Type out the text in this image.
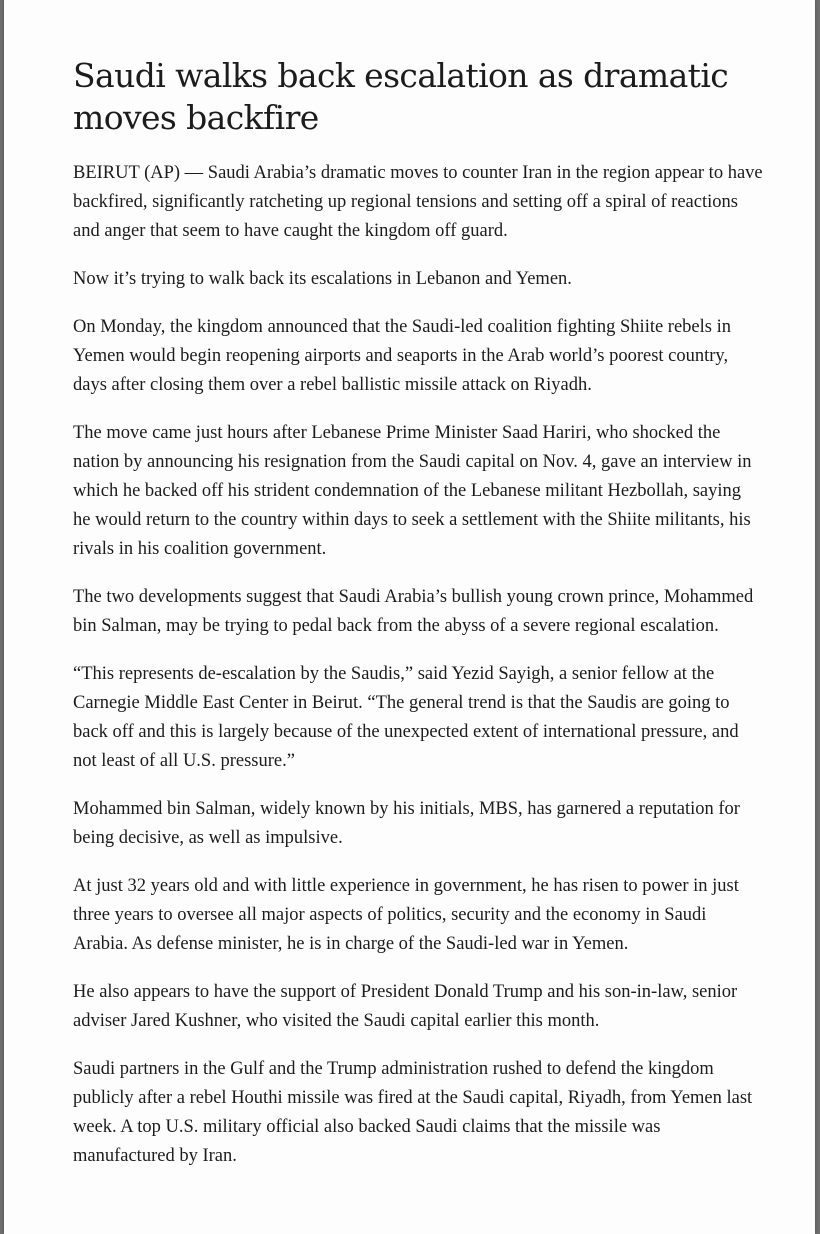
Saudi walks back escalation as dramatic moves backfire

BEIRUT (AP) — Saudi Arabia’s dramatic moves to counter Iran in the region appear to have backfired, significantly ratcheting up regional tensions and setting off a spiral of reactions and anger that seem to have caught the kingdom off guard.

Now it’s trying to walk back its escalations in Lebanon and Yemen.

On Monday, the kingdom announced that the Saudi-led coalition fighting Shiite rebels in Yemen would begin reopening airports and seaports in the Arab world’s poorest country, days after closing them over a rebel ballistic missile attack on Riyadh.

The move came just hours after Lebanese Prime Minister Saad Hariri, who shocked the nation by announcing his resignation from the Saudi capital on Nov. 4, gave an interview in which he backed off his strident condemnation of the Lebanese militant Hezbollah, saying he would return to the country within days to seek a settlement with the Shiite militants, his rivals in his coalition government.

The two developments suggest that Saudi Arabia’s bullish young crown prince, Mohammed bin Salman, may be trying to pedal back from the abyss of a severe regional escalation.

“This represents de-escalation by the Saudis,” said Yezid Sayigh, a senior fellow at the Carnegie Middle East Center in Beirut. “The general trend is that the Saudis are going to back off and this is largely because of the unexpected extent of international pressure, and not least of all U.S. pressure.”

Mohammed bin Salman, widely known by his initials, MBS, has garnered a reputation for being decisive, as well as impulsive.

At just 32 years old and with little experience in government, he has risen to power in just three years to oversee all major aspects of politics, security and the economy in Saudi Arabia. As defense minister, he is in charge of the Saudi-led war in Yemen.

He also appears to have the support of President Donald Trump and his son-in-law, senior adviser Jared Kushner, who visited the Saudi capital earlier this month.

Saudi partners in the Gulf and the Trump administration rushed to defend the kingdom publicly after a rebel Houthi missile was fired at the Saudi capital, Riyadh, from Yemen last week. A top U.S. military official also backed Saudi claims that the missile was manufactured by Iran.
